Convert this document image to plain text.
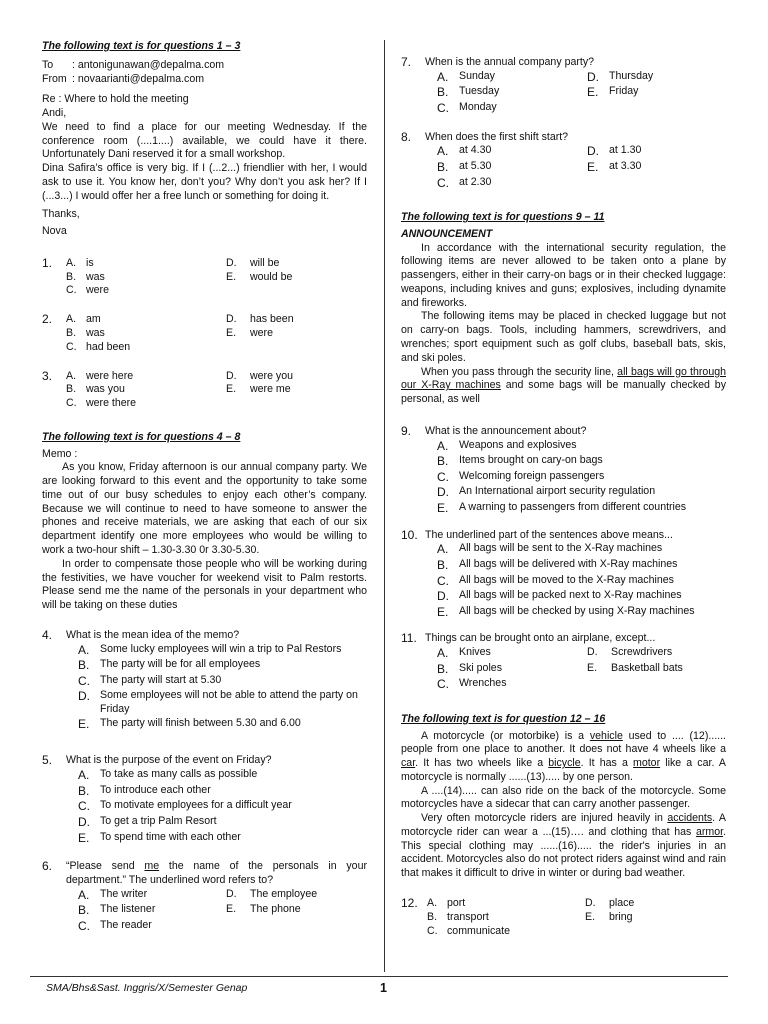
The following text is for questions 1 – 3

To	: antonigunawan@depalma.com
From : novaarianti@depalma.com

Re : Where to hold the meeting

Andi,

We need to find a place for our meeting Wednesday. If the conference room (....1....) available, we could have it there. Unfortunately Dani reserved it for a small workshop.

Dina Safira’s office is very big. If I (...2...) friendlier with her, I would ask to use it. You know her, don’t you? Why don’t you ask her? If I (...3...) I would offer her a free lunch or something for doing it.

Thanks,

Nova

1. A. is	D.	will be
B. was	E.	would be
C. were
2. A. am	D.	has been
B. was	E.	were
C. had been
3. A. were here	D.	were you
B. was you	E.	were me
C. were there

The following text is for questions 4 – 8

Memo :

As you know, Friday afternoon is our annual company party. We are looking forward to this event and the opportunity to take some time out of our busy schedules to enjoy each other’s company. Because we will continue to need to have someone to answer the phones and receive materials, we are asking that each of our six department identify one more employees who would be willing to work a two-hour shift – 1.30-3.30 0r 3.30-5.30.

In order to compensate those people who will be working during the festivities, we have voucher for weekend visit to Palm restorts. Please send me the name of the personals in your department who will be taking on these duties

4. What is the mean idea of the memo?

A.	Some lucky employees will win a trip to Pal Restors
B.	The party will be for all employees
C. The party will start at 5.30
D. Some employees will not be able to attend the party on Friday
E.	The party will finish between 5.30 and 6.00
5. What is the purpose of the event on Friday?

A.	To take as many calls as possible
B.	To introduce each other
C. To motivate employees for a difficult year
D. To get a trip Palm Resort
E.	To spend time with each other
6. “Please send me the name of the personals in your department.” The underlined word refers to?

A.	The writer	D.	The employee
B.	The listener	E.	The phone
C. The reader
7. When is the annual company party?

A.	Sunday	D. Thursday
B.	Tuesday	E.	Friday
C. Monday
8. When does the first shift start?

A.	at 4.30	D. at 1.30
B.	at 5.30	E.	at 3.30
C. at 2.30

The following text is for questions 9 – 11

ANNOUNCEMENT

In accordance with the international security regulation, the following items are never allowed to be taken onto a plane by passengers, either in their carry-on bags or in their checked luggage: weapons, including knives and guns; explosives, including dynamite and fireworks.

The following items may be placed in checked luggage but not on carry-on bags. Tools, including hammers, screwdrivers, and wrenches; sport equipment such as golf clubs, baseball bats, skis, and ski poles.

When you pass through the security line, all bags will go through our X-Ray machines and some bags will be manually checked by personal, as well

9. What is the announcement about?

A.	Weapons and explosives
B.	Items brought on cary-on bags
C. Welcoming foreign passengers
D. An International airport security regulation
E.	A warning to passengers from different countries
10. The underlined part of the sentences above means...

A.	All bags will be sent to the X-Ray machines
B.	All bags will be delivered with X-Ray machines
C. All bags will be moved to the X-Ray machines
D. All bags will be packed next to X-Ray machines
E.	All bags will be checked by using X-Ray machines
11. Things can be brought onto an airplane, except...

A.	Knives	D.	Screwdrivers
B.	Ski poles	E.	Basketball bats
C. Wrenches

The following text is for question 12 – 16

A motorcycle (or motorbike) is a vehicle used to .... (12)...... people from one place to another. It does not have 4 wheels like a car. It has two wheels like a bicycle. It has a motor like a car. A motorcycle is normally ......(13)..... by one person.

A ....(14)..... can also ride on the back of the motorcycle. Some motorcycles have a sidecar that can carry another passenger.

Very often motorcycle riders are injured heavily in accidents. A motorcycle rider can wear a ...(15)…. and clothing that has armor. This special clothing may ......(16)..... the rider's injuries in an accident. Motorcycles also do not protect riders against wind and rain that makes it difficult to drive in winter or during bad weather.

12. A. port	D.	place
B. transport	E.	bring
C. communicate
SMA/Bhs&Sast. Inggris/X/Semester Genap	1
